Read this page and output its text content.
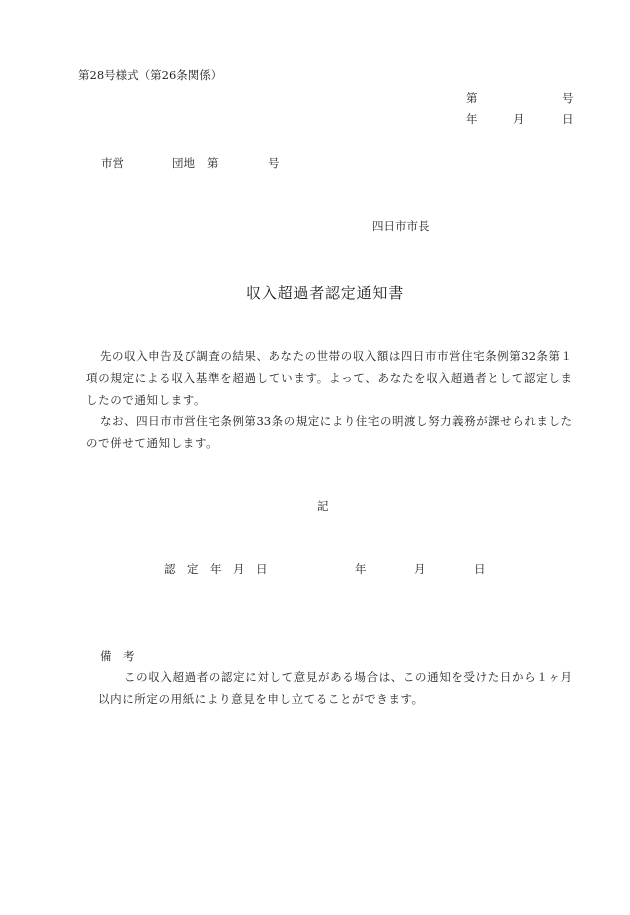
第28号様式（第26条関係）
第	号
年	月	日
市営	団地 第	号
四日市市長
収入超過者認定通知書
先の収入申告及び調査の結果、あなたの世帯の収入額は四日市市営住宅条例第32条第１
項の規定による収入基準を超過しています。よって、あなたを収入超過者として認定しま
したので通知します。
なお、四日市市営住宅条例第33条の規定により住宅の明渡し努力義務が課せられました
ので併せて通知します。
記
認　定　年　月　日	年	月	日
備　考
この収入超過者の認定に対して意見がある場合は、この通知を受けた日から１ヶ月
以内に所定の用紙により意見を申し立てることができます。
